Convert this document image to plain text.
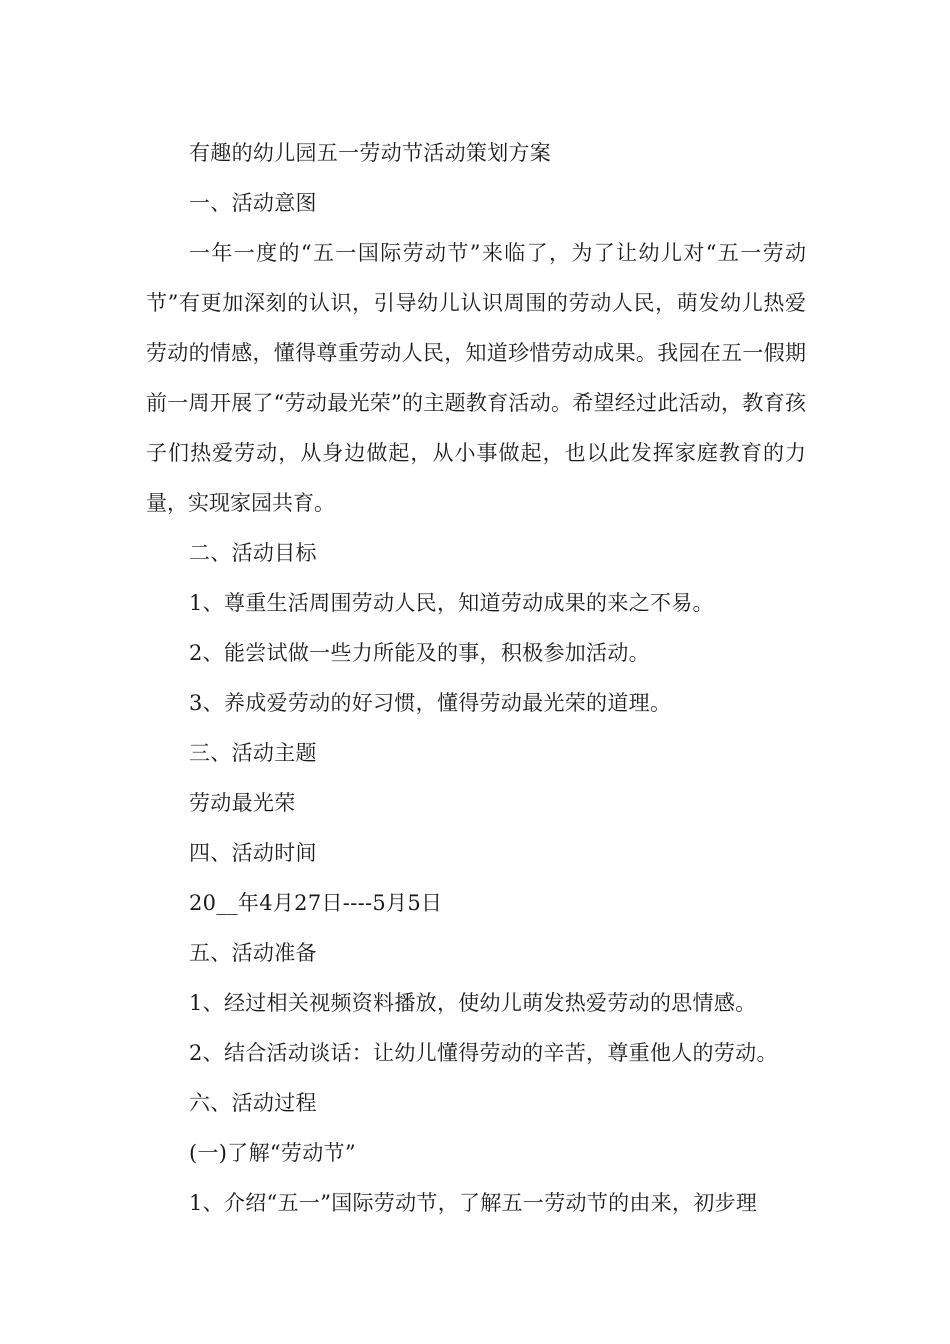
有趣的幼儿园五一劳动节活动策划方案
一、活动意图

一年一度的“五一国际劳动节”来临了，为了让幼儿对“五一劳动节”有更加深刻的认识，引导幼儿认识周围的劳动人民，萌发幼儿热爱劳动的情感，懂得尊重劳动人民，知道珍惜劳动成果。我园在五一假期前一周开展了“劳动最光荣”的主题教育活动。希望经过此活动，教育孩子们热爱劳动，从身边做起，从小事做起，也以此发挥家庭教育的力量，实现家园共育。

二、活动目标
1、尊重生活周围劳动人民，知道劳动成果的来之不易。
2、能尝试做一些力所能及的事，积极参加活动。
3、养成爱劳动的好习惯，懂得劳动最光荣的道理。
三、活动主题
劳动最光荣
四、活动时间
20__年4月27日----5月5日
五、活动准备
1、经过相关视频资料播放，使幼儿萌发热爱劳动的思情感。
2、结合活动谈话：让幼儿懂得劳动的辛苦，尊重他人的劳动。
六、活动过程
(一)了解“劳动节”
1、介绍“五一”国际劳动节，了解五一劳动节的由来，初步理
